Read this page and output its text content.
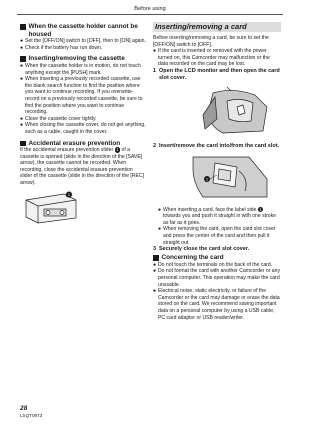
Before using
When the cassette holder cannot be housed
● Set the [OFF/ON] switch to [OFF], then to [ON] again.
● Check if the battery has run down.
Inserting/removing the cassette
● When the cassette holder is in motion, do not touch anything except the [PUSH] mark.
● When inserting a previously recorded cassette, use the blank search function to find the position where you want to continue recording. If you overwrite-record on a previously recorded cassette, be sure to find the position where you want to continue recording.
● Close the cassette cover tightly.
● When closing the cassette cover, do not get anything, such as a cable, caught in the cover.
Accidental erasure prevention
If the accidental erasure prevention slider 1 of a cassette is opened (slide in the direction of the [SAVE] arrow), the cassette cannot be recorded. When recording, close the accidental erasure prevention slider of the cassette (slide in the direction of the [REC] arrow).
1
Inserting/removing a card
Before inserting/removing a card, be sure to set the [OFF/ON] switch to [OFF].
● If the card is inserted or removed with the power turned on, this Camcorder may malfunction or the data recorded on the card may be lost.
1 Open the LCD monitor and then open the card slot cover.
2 Insert/remove the card into/from the card slot.
1
● When inserting a card, face the label side 1 towards you and push it straight in with one stroke as far as it goes.
● When removing the card, open the card slot cover and press the center of the card and then pull it straight out.
3 Securely close the card slot cover.
Concerning the card
● Do not touch the terminals on the back of the card.
● Do not format the card with another Camcorder or any personal computer. This operation may make the card unusable.
● Electrical noise, static electricity, or failure of the Camcorder or the card may damage or erase the data stored on the card. We recommend saving important data on a personal computer by using a USB cable, PC card adaptor or USB reader/writer.
28
LSQT0973
